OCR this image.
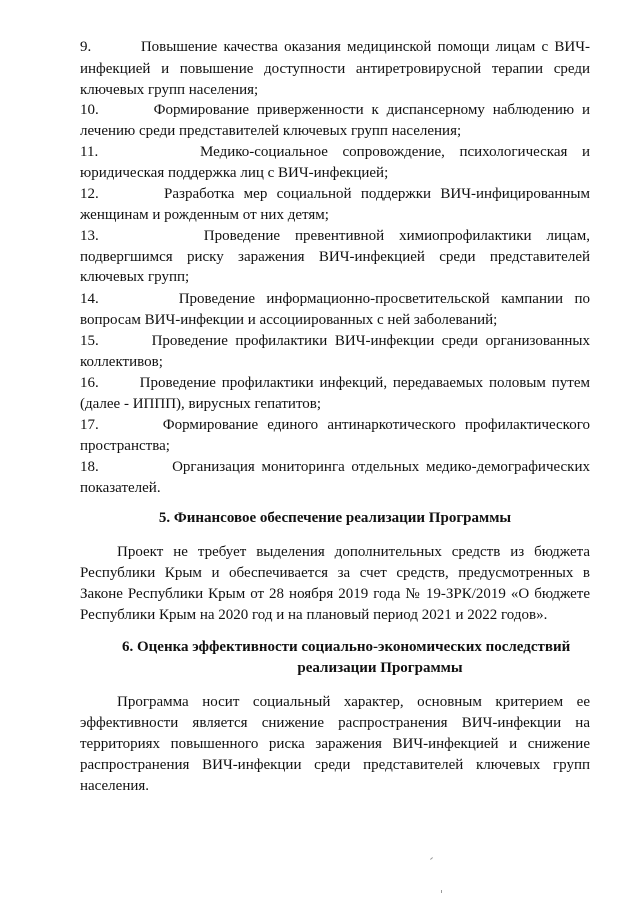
9.        Повышение качества оказания медицинской помощи лицам с ВИЧ-
инфекцией и повышение доступности антиретровирусной терапии среди
ключевых групп населения;
10.       Формирование приверженности к диспансерному наблюдению и
лечению среди представителей ключевых групп населения;
11.       Медико-социальное сопровождение, психологическая и
юридическая поддержка лиц с ВИЧ-инфекцией;
12.       Разработка мер социальной поддержки ВИЧ-инфицированным
женщинам и рожденным от них детям;
13.       Проведение превентивной химиопрофилактики лицам,
подвергшимся риску заражения ВИЧ-инфекцией среди представителей
ключевых групп;
14.       Проведение информационно-просветительской кампании по
вопросам ВИЧ-инфекции и ассоциированных с ней заболеваний;
15.       Проведение профилактики ВИЧ-инфекции среди организованных
коллективов;
16.       Проведение профилактики инфекций, передаваемых половым путем
(далее - ИППП), вирусных гепатитов;
17.       Формирование единого антинаркотического профилактического
пространства;
18.           Организация мониторинга отдельных медико-демографических
показателей.
5. Финансовое обеспечение реализации Программы
Проект не требует выделения дополнительных средств из бюджета
Республики Крым и обеспечивается за счет средств, предусмотренных в
Законе Республики Крым от 28 ноября 2019 года № 19-ЗРК/2019 «О бюджете
Республики Крым на 2020 год и на плановый период 2021 и 2022 годов».
6. Оценка эффективности социально-экономических последствий
реализации Программы
Программа носит социальный характер, основным критерием ее
эффективности является снижение распространения ВИЧ-инфекции на
территориях повышенного риска заражения ВИЧ-инфекцией и снижение
распространения ВИЧ-инфекции среди представителей ключевых групп
населения.
